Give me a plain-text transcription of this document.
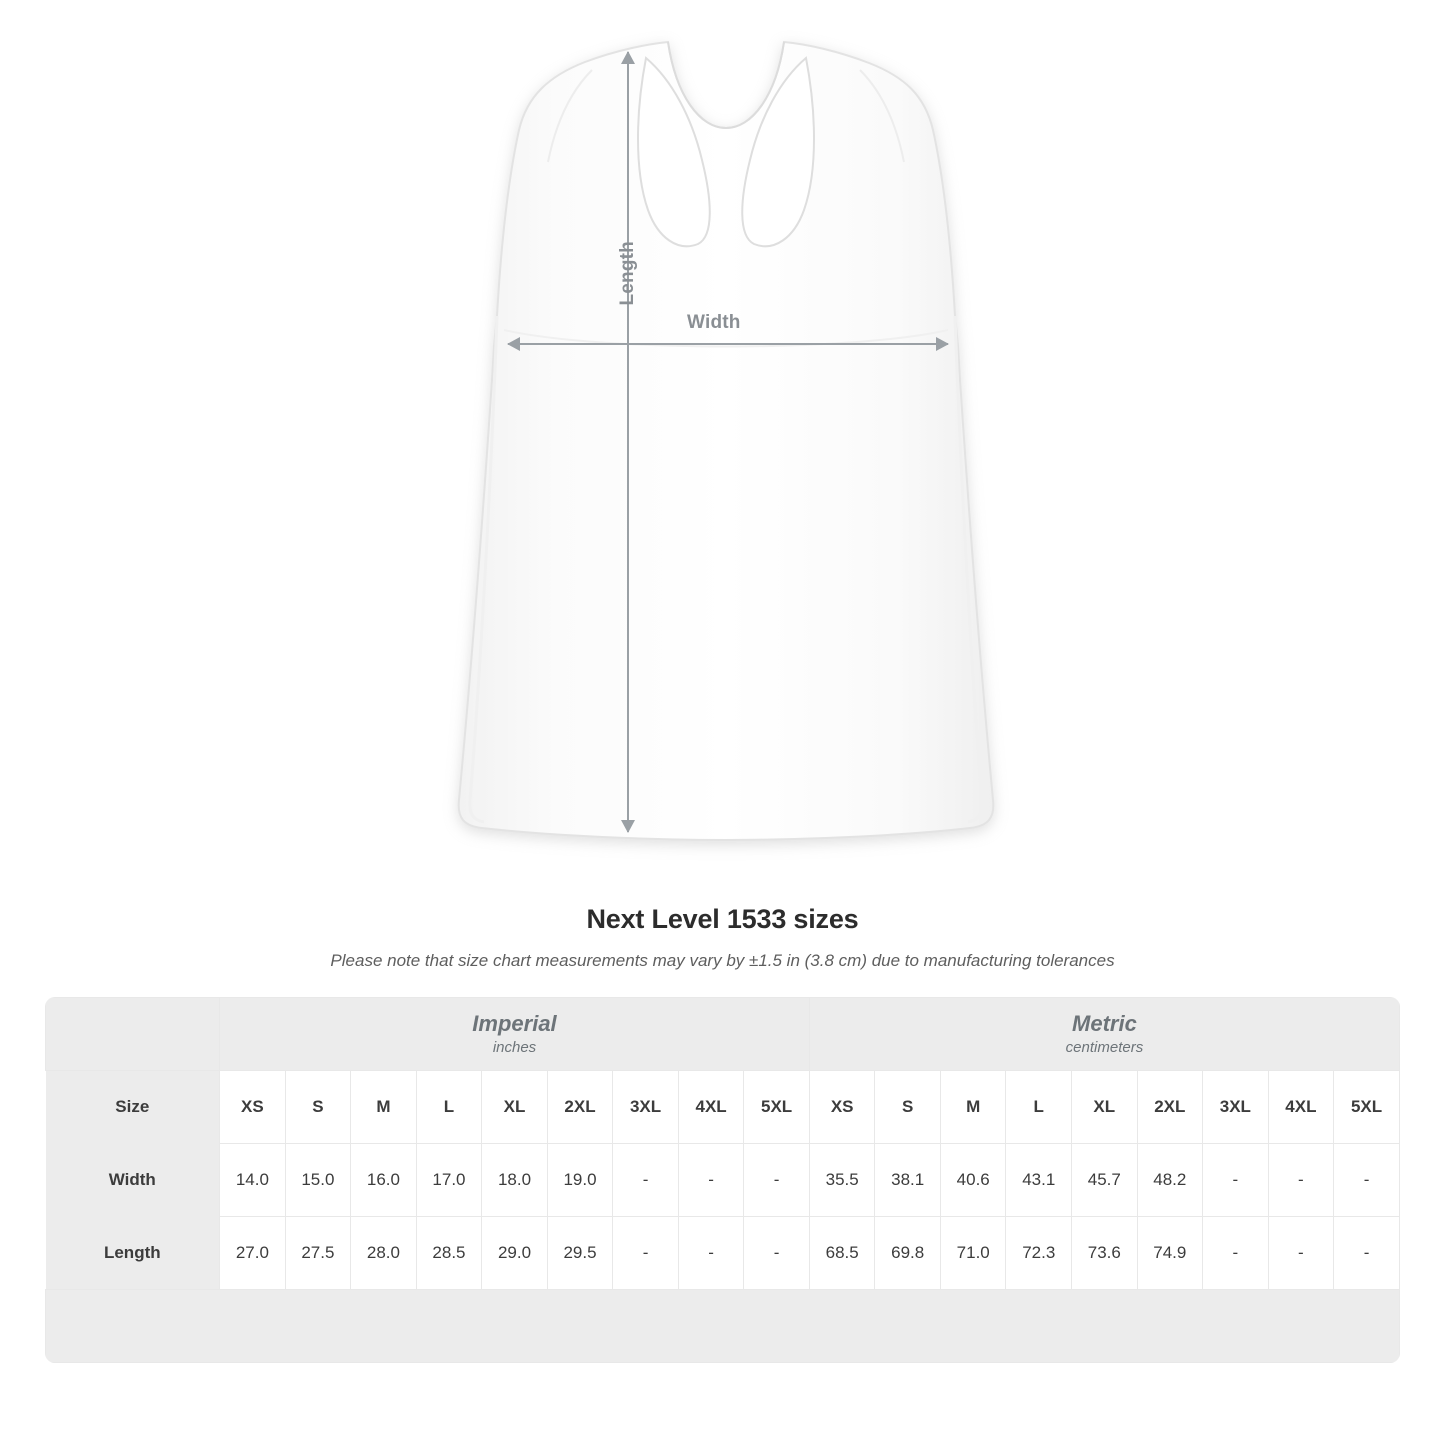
Width
Length
Next Level 1533 sizes
Please note that size chart measurements may vary by ±1.5 in (3.8 cm) due to manufacturing tolerances

Imperial
inches

Metric
centimeters

Size	XS	S	M	L	XL	2XL	3XL	4XL	5XL	XS	S	M	L	XL	2XL	3XL	4XL	5XL
Width	14.0	15.0	16.0	17.0	18.0	19.0	-	-	-	35.5	38.1	40.6	43.1	45.7	48.2	-	-	-
Length	27.0	27.5	28.0	28.5	29.0	29.5	-	-	-	68.5	69.8	71.0	72.3	73.6	74.9	-	-	-
